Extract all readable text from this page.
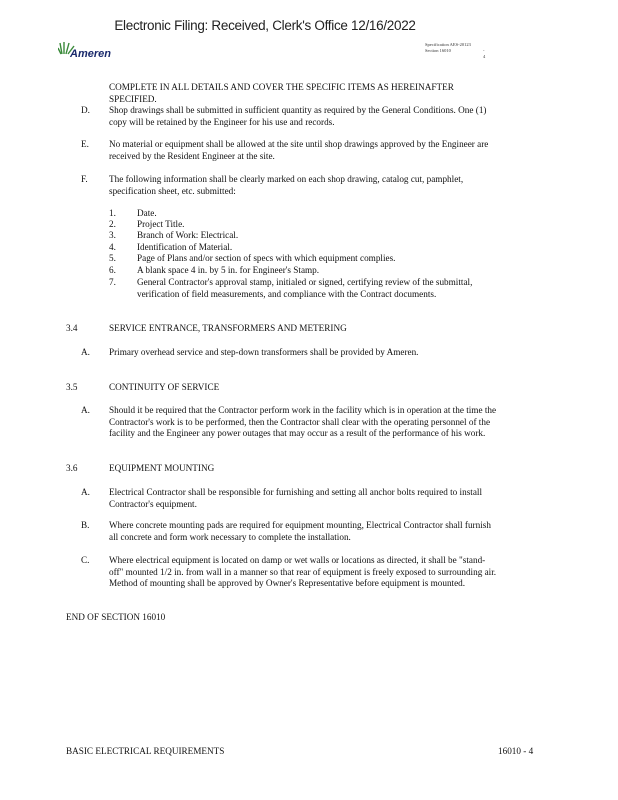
Electronic Filing: Received, Clerk's Office 12/16/2022
Ameren
Specification AES-20123
Section 16010	- 4
COMPLETE IN ALL DETAILS AND COVER THE SPECIFIC ITEMS AS HEREINAFTER
SPECIFIED.
D. Shop drawings shall be submitted in sufficient quantity as required by the General Conditions. One (1)
copy will be retained by the Engineer for his use and records.
E. No material or equipment shall be allowed at the site until shop drawings approved by the Engineer are
received by the Resident Engineer at the site.
F. The following information shall be clearly marked on each shop drawing, catalog cut, pamphlet,
specification sheet, etc. submitted:
1. Date.
2. Project Title.
3. Branch of Work: Electrical.
4. Identification of Material.
5. Page of Plans and/or section of specs with which equipment complies.
6. A blank space 4 in. by 5 in. for Engineer's Stamp.
7. General Contractor's approval stamp, initialed or signed, certifying review of the submittal,
verification of field measurements, and compliance with the Contract documents.
3.4	SERVICE ENTRANCE, TRANSFORMERS AND METERING
A. Primary overhead service and step-down transformers shall be provided by Ameren.
3.5	CONTINUITY OF SERVICE
A. Should it be required that the Contractor perform work in the facility which is in operation at the time the
Contractor's work is to be performed, then the Contractor shall clear with the operating personnel of the
facility and the Engineer any power outages that may occur as a result of the performance of his work.
3.6	EQUIPMENT MOUNTING
A. Electrical Contractor shall be responsible for furnishing and setting all anchor bolts required to install
Contractor's equipment.
B. Where concrete mounting pads are required for equipment mounting, Electrical Contractor shall furnish
all concrete and form work necessary to complete the installation.
C. Where electrical equipment is located on damp or wet walls or locations as directed, it shall be "stand-
off" mounted 1/2 in. from wall in a manner so that rear of equipment is freely exposed to surrounding air.
Method of mounting shall be approved by Owner's Representative before equipment is mounted.
END OF SECTION 16010
BASIC ELECTRICAL REQUIREMENTS	16010 - 4
